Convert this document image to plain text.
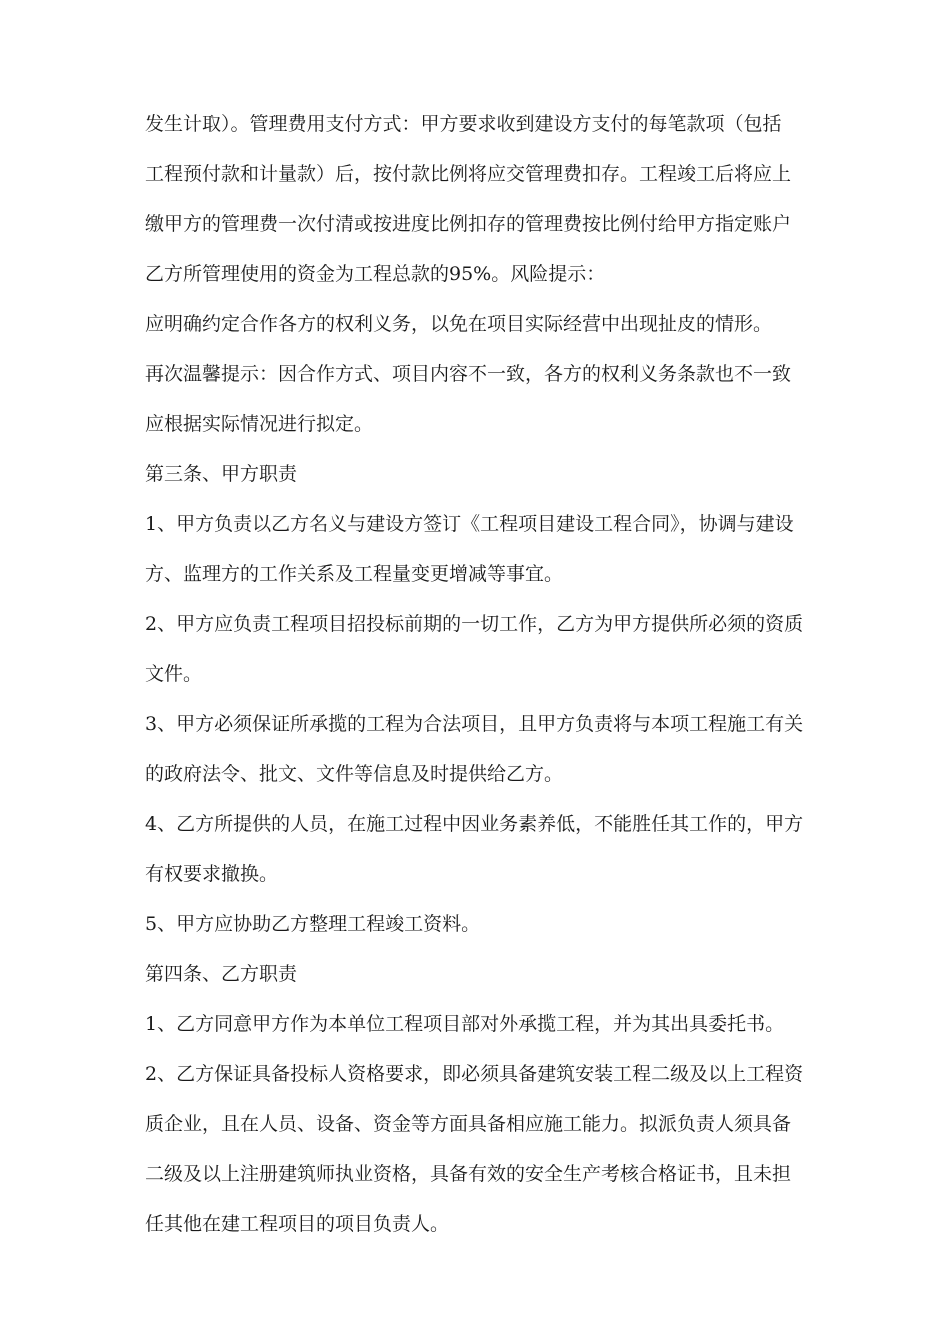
发生计取）。管理费用支付方式：甲方要求收到建设方支付的每笔款项（包括
工程预付款和计量款）后，按付款比例将应交管理费扣存。工程竣工后将应上
缴甲方的管理费一次付清或按进度比例扣存的管理费按比例付给甲方指定账户
乙方所管理使用的资金为工程总款的95%。风险提示：
应明确约定合作各方的权利义务，以免在项目实际经营中出现扯皮的情形。
再次温馨提示：因合作方式、项目内容不一致，各方的权利义务条款也不一致
应根据实际情况进行拟定。
第三条、甲方职责
1、甲方负责以乙方名义与建设方签订《工程项目建设工程合同》，协调与建设
方、监理方的工作关系及工程量变更增减等事宜。
2、甲方应负责工程项目招投标前期的一切工作，乙方为甲方提供所必须的资质
文件。
3、甲方必须保证所承揽的工程为合法项目，且甲方负责将与本项工程施工有关
的政府法令、批文、文件等信息及时提供给乙方。
4、乙方所提供的人员，在施工过程中因业务素养低，不能胜任其工作的，甲方
有权要求撤换。
5、甲方应协助乙方整理工程竣工资料。
第四条、乙方职责
1、乙方同意甲方作为本单位工程项目部对外承揽工程，并为其出具委托书。
2、乙方保证具备投标人资格要求，即必须具备建筑安装工程二级及以上工程资
质企业，且在人员、设备、资金等方面具备相应施工能力。拟派负责人须具备
二级及以上注册建筑师执业资格，具备有效的安全生产考核合格证书，且未担
任其他在建工程项目的项目负责人。
